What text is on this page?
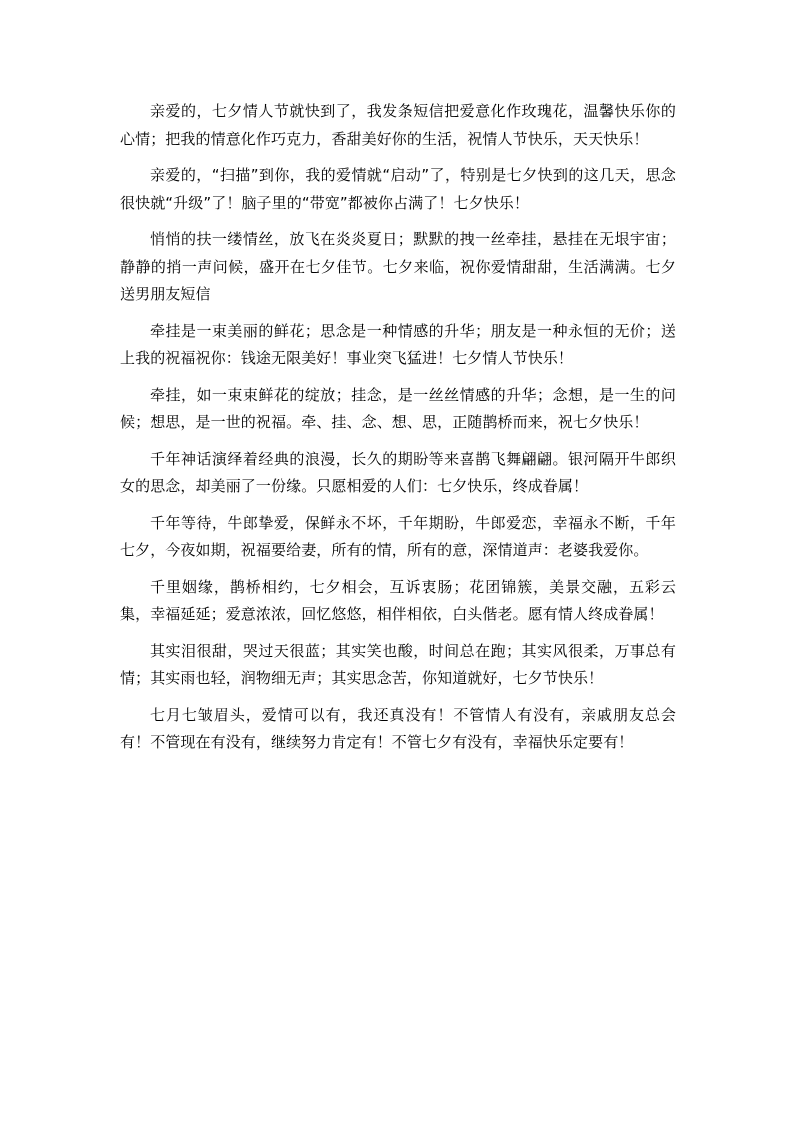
亲爱的，七夕情人节就快到了，我发条短信把爱意化作玫瑰花，温馨快乐你的心情；把我的情意化作巧克力，香甜美好你的生活，祝情人节快乐，天天快乐！

亲爱的，“扫描”到你，我的爱情就“启动”了，特别是七夕快到的这几天，思念很快就“升级”了！脑子里的“带宽”都被你占满了！七夕快乐！

悄悄的扶一缕情丝，放飞在炎炎夏日；默默的拽一丝牵挂，悬挂在无垠宇宙；静静的捎一声问候，盛开在七夕佳节。七夕来临，祝你爱情甜甜，生活满满。七夕送男朋友短信

牵挂是一束美丽的鲜花；思念是一种情感的升华；朋友是一种永恒的无价；送上我的祝福祝你：钱途无限美好！事业突飞猛进！七夕情人节快乐！

牵挂，如一束束鲜花的绽放；挂念，是一丝丝情感的升华；念想，是一生的问候；想思，是一世的祝福。牵、挂、念、想、思，正随鹊桥而来，祝七夕快乐！

千年神话演绎着经典的浪漫，长久的期盼等来喜鹊飞舞翩翩。银河隔开牛郎织女的思念，却美丽了一份缘。只愿相爱的人们：七夕快乐，终成眷属！

千年等待，牛郎挚爱，保鲜永不坏，千年期盼，牛郎爱恋，幸福永不断，千年七夕，今夜如期，祝福要给妻，所有的情，所有的意，深情道声：老婆我爱你。

千里姻缘，鹊桥相约，七夕相会，互诉衷肠；花团锦簇，美景交融，五彩云集，幸福延延；爱意浓浓，回忆悠悠，相伴相依，白头偕老。愿有情人终成眷属！

其实泪很甜，哭过天很蓝；其实笑也酸，时间总在跑；其实风很柔，万事总有情；其实雨也轻，润物细无声；其实思念苦，你知道就好，七夕节快乐！

七月七皱眉头，爱情可以有，我还真没有！不管情人有没有，亲戚朋友总会有！不管现在有没有，继续努力肯定有！不管七夕有没有，幸福快乐定要有！
